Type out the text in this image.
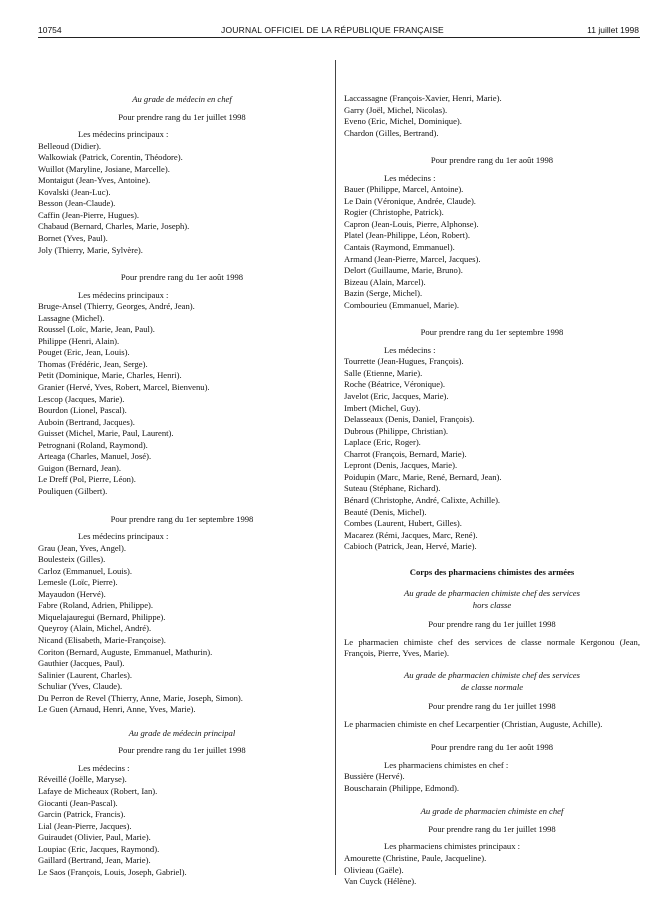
10754	JOURNAL OFFICIEL DE LA RÉPUBLIQUE FRANÇAISE	11 juillet 1998
Au grade de médecin en chef
Pour prendre rang du 1er juillet 1998
Les médecins principaux :
Belleoud (Didier).
Walkowiak (Patrick, Corentin, Théodore).
Wuillot (Maryline, Josiane, Marcelle).
Montaigut (Jean-Yves, Antoine).
Kovalski (Jean-Luc).
Besson (Jean-Claude).
Caffin (Jean-Pierre, Hugues).
Chabaud (Bernard, Charles, Marie, Joseph).
Bornet (Yves, Paul).
Joly (Thierry, Marie, Sylvère).
Pour prendre rang du 1er août 1998
Les médecins principaux :
Bruge-Ansel (Thierry, Georges, André, Jean).
Lassagne (Michel).
Roussel (Loïc, Marie, Jean, Paul).
Philippe (Henri, Alain).
Pouget (Eric, Jean, Louis).
Thomas (Frédéric, Jean, Serge).
Petit (Dominique, Marie, Charles, Henri).
Granier (Hervé, Yves, Robert, Marcel, Bienvenu).
Lescop (Jacques, Marie).
Bourdon (Lionel, Pascal).
Auboin (Bertrand, Jacques).
Guisset (Michel, Marie, Paul, Laurent).
Petrognani (Roland, Raymond).
Arteaga (Charles, Manuel, José).
Guigon (Bernard, Jean).
Le Dreff (Pol, Pierre, Léon).
Pouliquen (Gilbert).
Pour prendre rang du 1er septembre 1998
Les médecins principaux :
Grau (Jean, Yves, Angel).
Boulesteix (Gilles).
Carloz (Emmanuel, Louis).
Lemesle (Loïc, Pierre).
Mayaudon (Hervé).
Fabre (Roland, Adrien, Philippe).
Miquelajauregui (Bernard, Philippe).
Queyroy (Alain, Michel, André).
Nicand (Elisabeth, Marie-Françoise).
Coriton (Bernard, Auguste, Emmanuel, Mathurin).
Gauthier (Jacques, Paul).
Salinier (Laurent, Charles).
Schuliar (Yves, Claude).
Du Perron de Revel (Thierry, Anne, Marie, Joseph, Simon).
Le Guen (Arnaud, Henri, Anne, Yves, Marie).
Au grade de médecin principal
Pour prendre rang du 1er juillet 1998
Les médecins :
Réveillé (Joëlle, Maryse).
Lafaye de Micheaux (Robert, Ian).
Giocanti (Jean-Pascal).
Garcin (Patrick, Francis).
Lial (Jean-Pierre, Jacques).
Guiraudet (Olivier, Paul, Marie).
Loupiac (Eric, Jacques, Raymond).
Gaillard (Bertrand, Jean, Marie).
Le Saos (François, Louis, Joseph, Gabriel).
Laccassagne (François-Xavier, Henri, Marie).
Garry (Joël, Michel, Nicolas).
Eveno (Eric, Michel, Dominique).
Chardon (Gilles, Bertrand).
Pour prendre rang du 1er août 1998
Les médecins :
Bauer (Philippe, Marcel, Antoine).
Le Dain (Véronique, Andrée, Claude).
Rogier (Christophe, Patrick).
Capron (Jean-Louis, Pierre, Alphonse).
Platel (Jean-Philippe, Léon, Robert).
Cantais (Raymond, Emmanuel).
Armand (Jean-Pierre, Marcel, Jacques).
Delort (Guillaume, Marie, Bruno).
Bizeau (Alain, Marcel).
Bazin (Serge, Michel).
Combourieu (Emmanuel, Marie).
Pour prendre rang du 1er septembre 1998
Les médecins :
Tourrette (Jean-Hugues, François).
Salle (Etienne, Marie).
Roche (Béatrice, Véronique).
Javelot (Eric, Jacques, Marie).
Imbert (Michel, Guy).
Delasseaux (Denis, Daniel, François).
Dubrous (Philippe, Christian).
Laplace (Eric, Roger).
Charrot (François, Bernard, Marie).
Lepront (Denis, Jacques, Marie).
Poidupin (Marc, Marie, René, Bernard, Jean).
Suteau (Stéphane, Richard).
Bénard (Christophe, André, Calixte, Achille).
Beauté (Denis, Michel).
Combes (Laurent, Hubert, Gilles).
Macarez (Rémi, Jacques, Marc, René).
Cabioch (Patrick, Jean, Hervé, Marie).
Corps des pharmaciens chimistes des armées
Au grade de pharmacien chimiste chef des services
hors classe
Pour prendre rang du 1er juillet 1998
Le pharmacien chimiste chef des services de classe normale Kergonou (Jean, François, Pierre, Yves, Marie).
Au grade de pharmacien chimiste chef des services
de classe normale
Pour prendre rang du 1er juillet 1998
Le pharmacien chimiste en chef Lecarpentier (Christian, Auguste, Achille).
Pour prendre rang du 1er août 1998
Les pharmaciens chimistes en chef :
Bussière (Hervé).
Bouscharain (Philippe, Edmond).
Au grade de pharmacien chimiste en chef
Pour prendre rang du 1er juillet 1998
Les pharmaciens chimistes principaux :
Amourette (Christine, Paule, Jacqueline).
Olivieau (Gaële).
Van Cuyck (Hélène).
